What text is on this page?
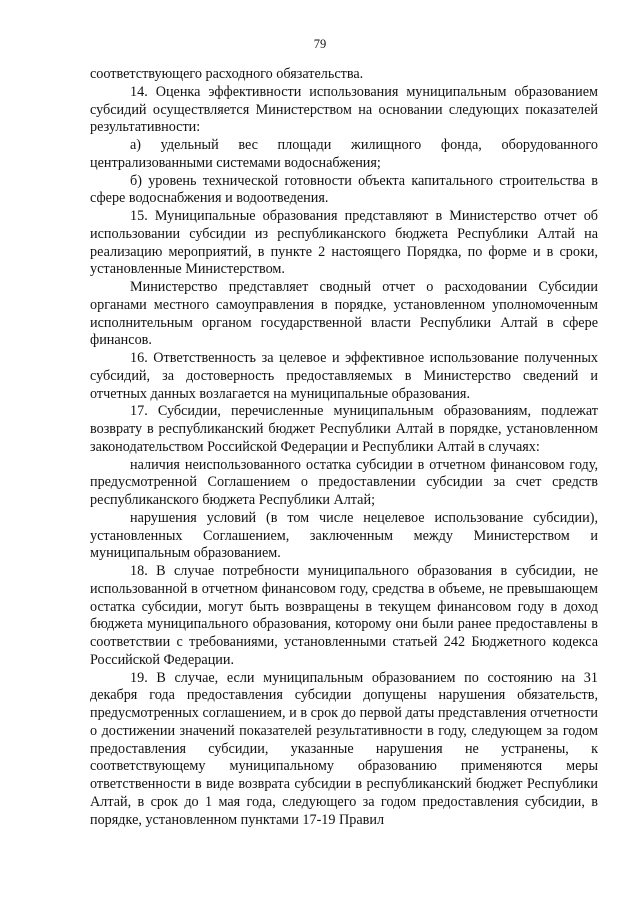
79

соответствующего расходного обязательства.

14. Оценка эффективности использования муниципальным образованием субсидий осуществляется Министерством на основании следующих показателей результативности:

а) удельный вес площади жилищного фонда, оборудованного централизованными системами водоснабжения;

б) уровень технической готовности объекта капитального строительства в сфере водоснабжения и водоотведения.

15. Муниципальные образования представляют в Министерство отчет об использовании субсидии из республиканского бюджета Республики Алтай на реализацию мероприятий, в пункте 2 настоящего Порядка, по форме и в сроки, установленные Министерством.

Министерство представляет сводный отчет о расходовании Субсидии органами местного самоуправления в порядке, установленном уполномоченным исполнительным органом государственной власти Республики Алтай в сфере финансов.

16. Ответственность за целевое и эффективное использование полученных субсидий, за достоверность предоставляемых в Министерство сведений и отчетных данных возлагается на муниципальные образования.

17. Субсидии, перечисленные муниципальным образованиям, подлежат возврату в республиканский бюджет Республики Алтай в порядке, установленном законодательством Российской Федерации и Республики Алтай в случаях:

наличия неиспользованного остатка субсидии в отчетном финансовом году, предусмотренной Соглашением о предоставлении субсидии за счет средств республиканского бюджета Республики Алтай;

нарушения условий (в том числе нецелевое использование субсидии), установленных Соглашением, заключенным между Министерством и муниципальным образованием.

18. В случае потребности муниципального образования в субсидии, не использованной в отчетном финансовом году, средства в объеме, не превышающем остатка субсидии, могут быть возвращены в текущем финансовом году в доход бюджета муниципального образования, которому они были ранее предоставлены в соответствии с требованиями, установленными статьей 242 Бюджетного кодекса Российской Федерации.

19. В случае, если муниципальным образованием по состоянию на 31 декабря года предоставления субсидии допущены нарушения обязательств, предусмотренных соглашением, и в срок до первой даты представления отчетности о достижении значений показателей результативности в году, следующем за годом предоставления субсидии, указанные нарушения не устранены, к соответствующему муниципальному образованию применяются меры ответственности в виде возврата субсидии в республиканский бюджет Республики Алтай, в срок до 1 мая года, следующего за годом предоставления субсидии, в порядке, установленном пунктами 17-19 Правил
